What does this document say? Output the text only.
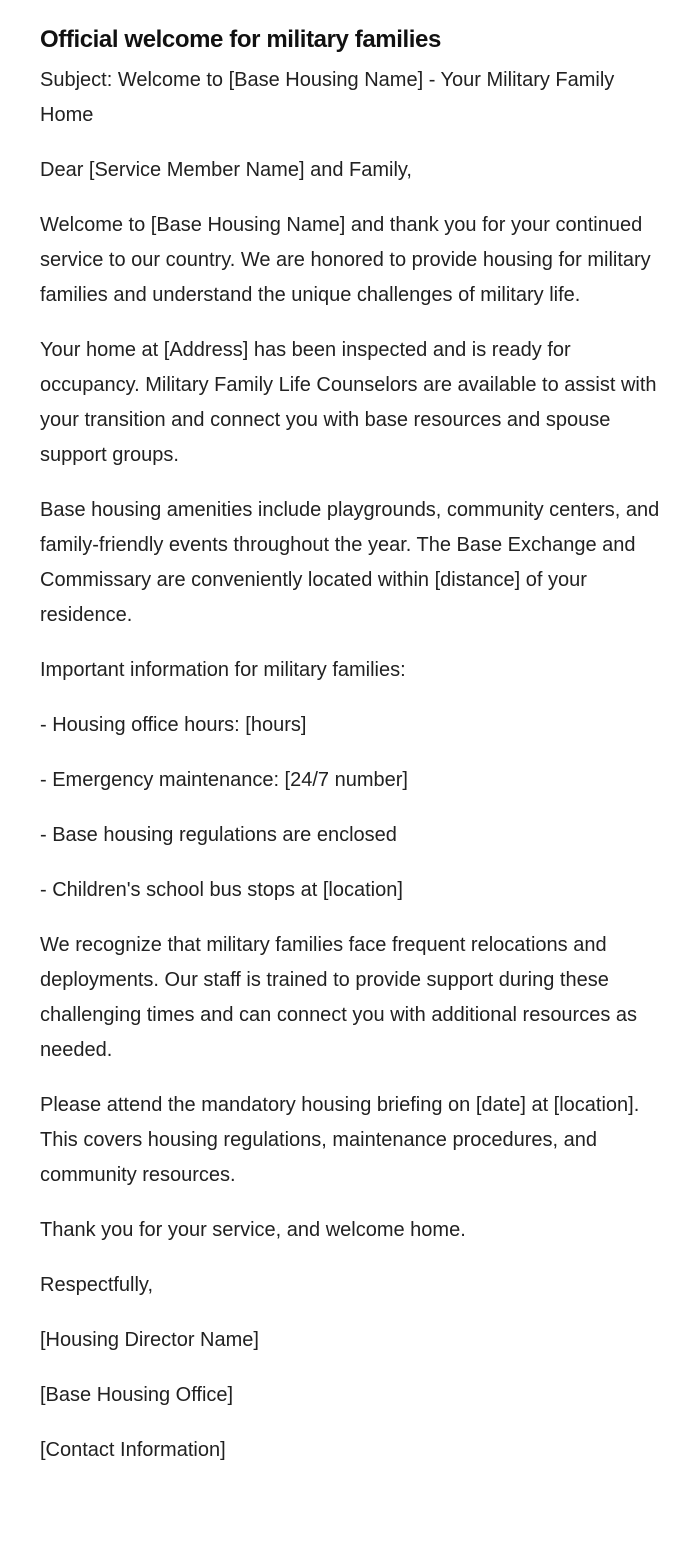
Official welcome for military families

Subject: Welcome to [Base Housing Name] - Your Military Family Home

Dear [Service Member Name] and Family,

Welcome to [Base Housing Name] and thank you for your continued service to our country. We are honored to provide housing for military families and understand the unique challenges of military life.

Your home at [Address] has been inspected and is ready for occupancy. Military Family Life Counselors are available to assist with your transition and connect you with base resources and spouse support groups.

Base housing amenities include playgrounds, community centers, and family-friendly events throughout the year. The Base Exchange and Commissary are conveniently located within [distance] of your residence.

Important information for military families:

- Housing office hours: [hours]

- Emergency maintenance: [24/7 number]

- Base housing regulations are enclosed

- Children's school bus stops at [location]

We recognize that military families face frequent relocations and deployments. Our staff is trained to provide support during these challenging times and can connect you with additional resources as needed.

Please attend the mandatory housing briefing on [date] at [location]. This covers housing regulations, maintenance procedures, and community resources.

Thank you for your service, and welcome home.

Respectfully,

[Housing Director Name]

[Base Housing Office]

[Contact Information]
